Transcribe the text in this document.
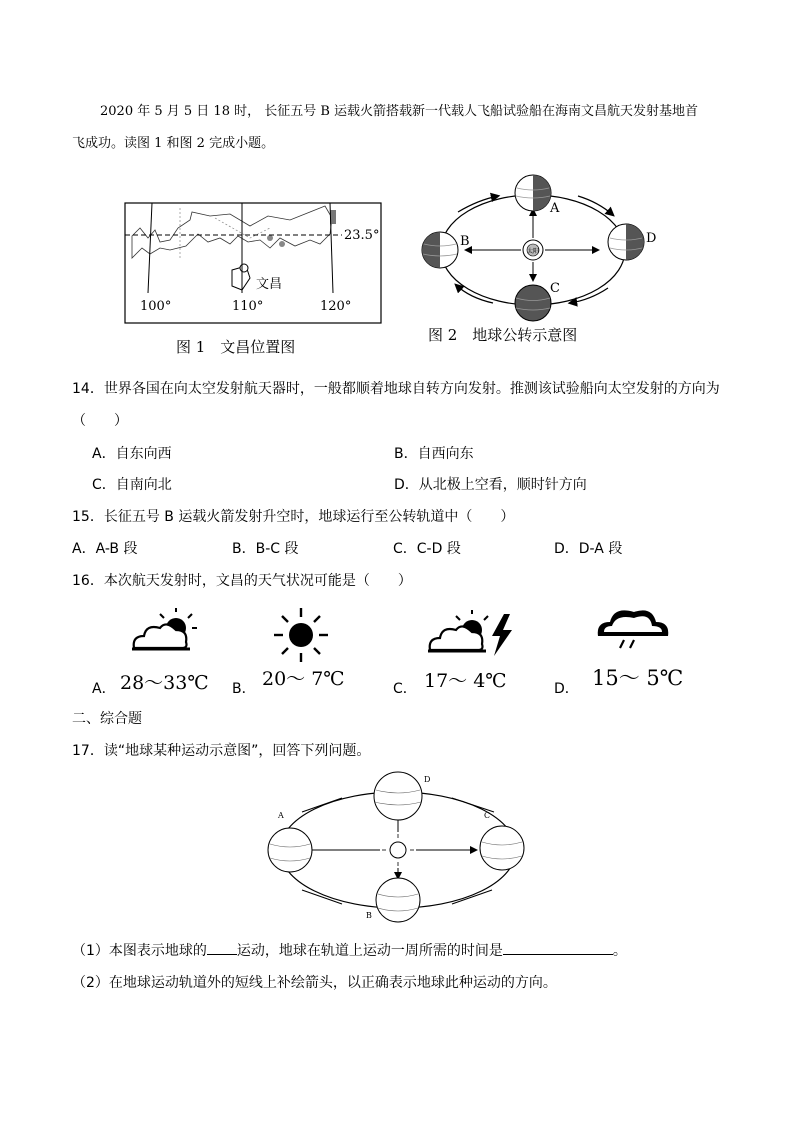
2020 年 5 月 5 日 18 时， 长征五号 B 运载火箭搭载新一代载人飞船试验船在海南文昌航天发射基地首
飞成功。读图 1 和图 2 完成小题。
23.5°
文昌
100°	110°	120°
图 1　文昌位置图
太阳
A
B
C
D
图 2　地球公转示意图
14．世界各国在向太空发射航天器时，一般都顺着地球自转方向发射。推测该试验船向太空发射的方向为
（　　）
A．自东向西	B．自西向东
C．自南向北	D．从北极上空看，顺时针方向
15．长征五号 B 运载火箭发射升空时，地球运行至公转轨道中（　　）
A．A-B 段	B．B-C 段	C．C-D 段	D．D-A 段
16．本次航天发射时，文昌的天气状况可能是（　　）
A． 28～33℃ B． 20～ 7℃	C． 17～ 4℃	D． 15～ 5℃
二、综合题
17．读“地球某种运动示意图”，回答下列问题。
A
B
C
D
（1）本图表示地球的 运动，地球在轨道上运动一周所需的时间是	。
（2）在地球运动轨道外的短线上补绘箭头，以正确表示地球此种运动的方向。
